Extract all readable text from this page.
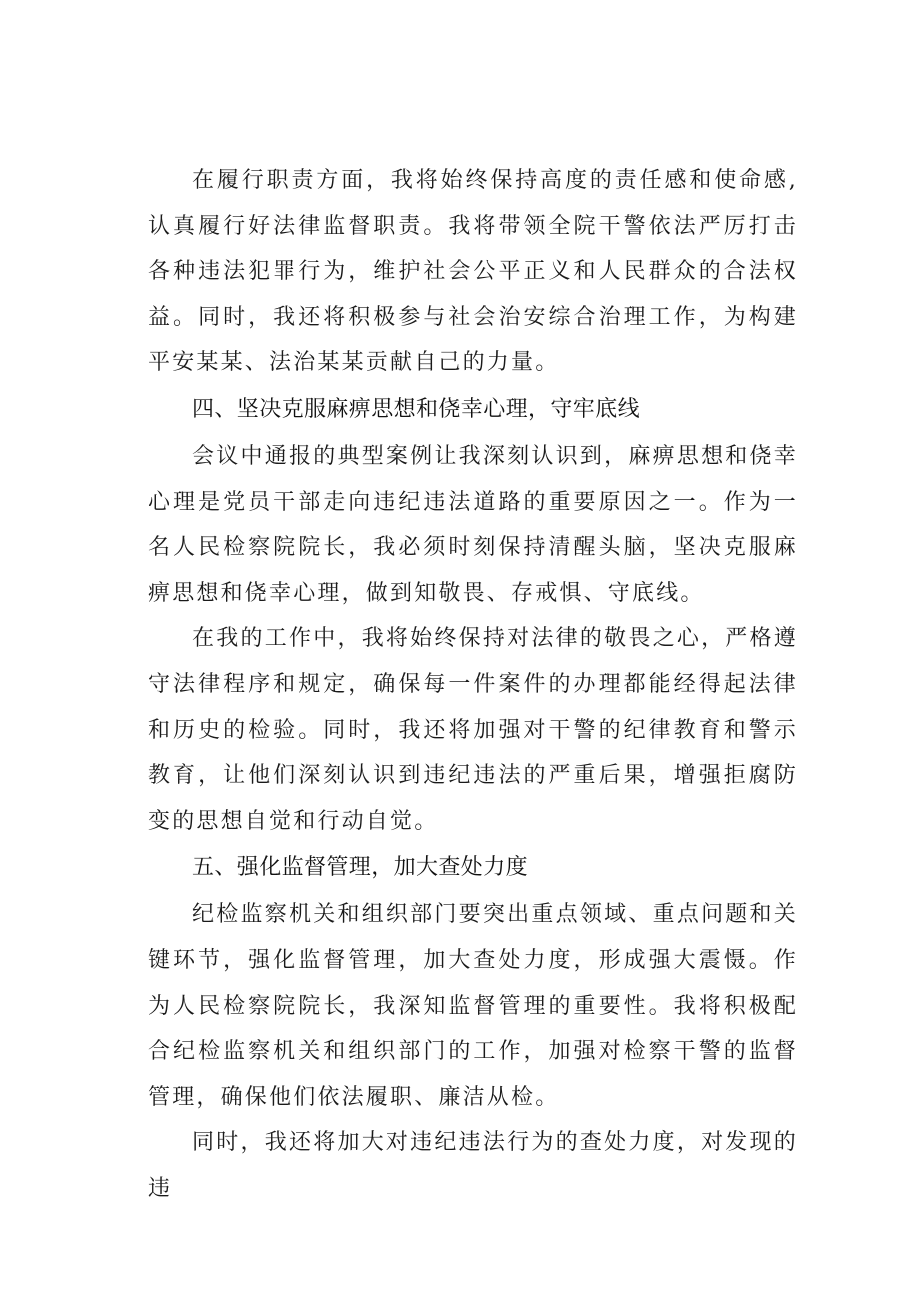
在履行职责方面，我将始终保持高度的责任感和使命感,认真履行好法律监督职责。我将带领全院干警依法严厉打击各种违法犯罪行为，维护社会公平正义和人民群众的合法权益。同时，我还将积极参与社会治安综合治理工作，为构建平安某某、法治某某贡献自己的力量。

四、坚决克服麻痹思想和侥幸心理，守牢底线

会议中通报的典型案例让我深刻认识到，麻痹思想和侥幸心理是党员干部走向违纪违法道路的重要原因之一。作为一名人民检察院院长，我必须时刻保持清醒头脑，坚决克服麻痹思想和侥幸心理，做到知敬畏、存戒惧、守底线。

在我的工作中，我将始终保持对法律的敬畏之心，严格遵守法律程序和规定，确保每一件案件的办理都能经得起法律和历史的检验。同时，我还将加强对干警的纪律教育和警示教育，让他们深刻认识到违纪违法的严重后果，增强拒腐防变的思想自觉和行动自觉。

五、强化监督管理，加大查处力度

纪检监察机关和组织部门要突出重点领域、重点问题和关键环节，强化监督管理，加大查处力度，形成强大震慑。作为人民检察院院长，我深知监督管理的重要性。我将积极配合纪检监察机关和组织部门的工作，加强对检察干警的监督管理，确保他们依法履职、廉洁从检。

同时，我还将加大对违纪违法行为的查处力度，对发现的违
